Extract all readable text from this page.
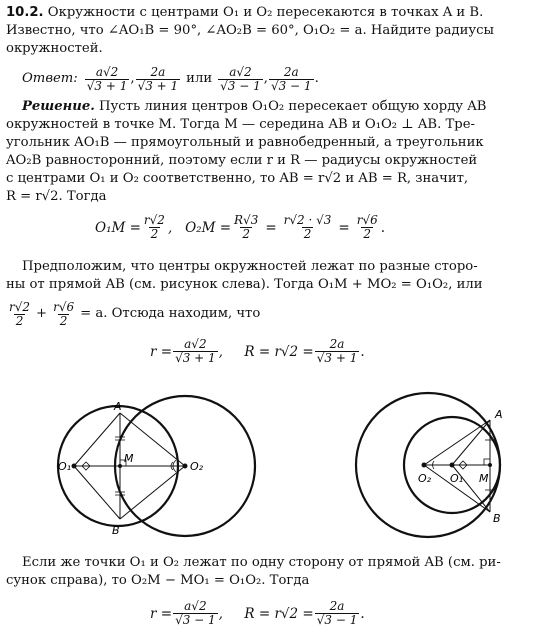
10.2. Окружности с центрами O₁ и O₂ пересекаются в точках A и B.
Известно, что ∠AO₁B = 90°, ∠AO₂B = 60°, O₁O₂ = a. Найдите радиусы
окружностей.
Ответ: $\frac{a√2}{√3 + 1}$ , $\frac{2a}{√3 + 1}$ или $\frac{a√2}{√3 - 1}$ , $\frac{2a}{√3 - 1}$ .
Решение. Пусть линия центров O₁O₂ пересекает общую хорду AB
окружностей в точке M. Тогда M — середина AB и O₁O₂ ⊥ AB. Тре-
угольник AO₁B — прямоугольный и равнобедренный, а треугольник
AO₂B равносторонний, поэтому если r и R — радиусы окружностей
с центрами O₁ и O₂ соответственно, то AB = r√2 и AB = R, значит,
R = r√2. Тогда
$O_1M = \frac{r√2}{2}$ ,   $O_2M = \frac{R√3}{2} = \frac{r√2 \cdot √3}{2} = \frac{r√6}{2}$ .
Предположим, что центры окружностей лежат по разные сторо-
ны от прямой AB (см. рисунок слева). Тогда O₁M + MO₂ = O₁O₂, или
$\frac{r√2}{2} + \frac{r√6}{2} = a$. Отсюда находим, что
$r = \frac{a√2}{√3 + 1}$ ,     $R = r√2 = \frac{2a}{√3 + 1}$ .
A
B
M
O₁	O₂
A
B
M
O₁
O₂
Если же точки O₁ и O₂ лежат по одну сторону от прямой AB (см. ри-
сунок справа), то O₂M − MO₁ = O₁O₂. Тогда
$r = \frac{a√2}{√3 - 1}$ ,     $R = r√2 = \frac{2a}{√3 - 1}$ .
